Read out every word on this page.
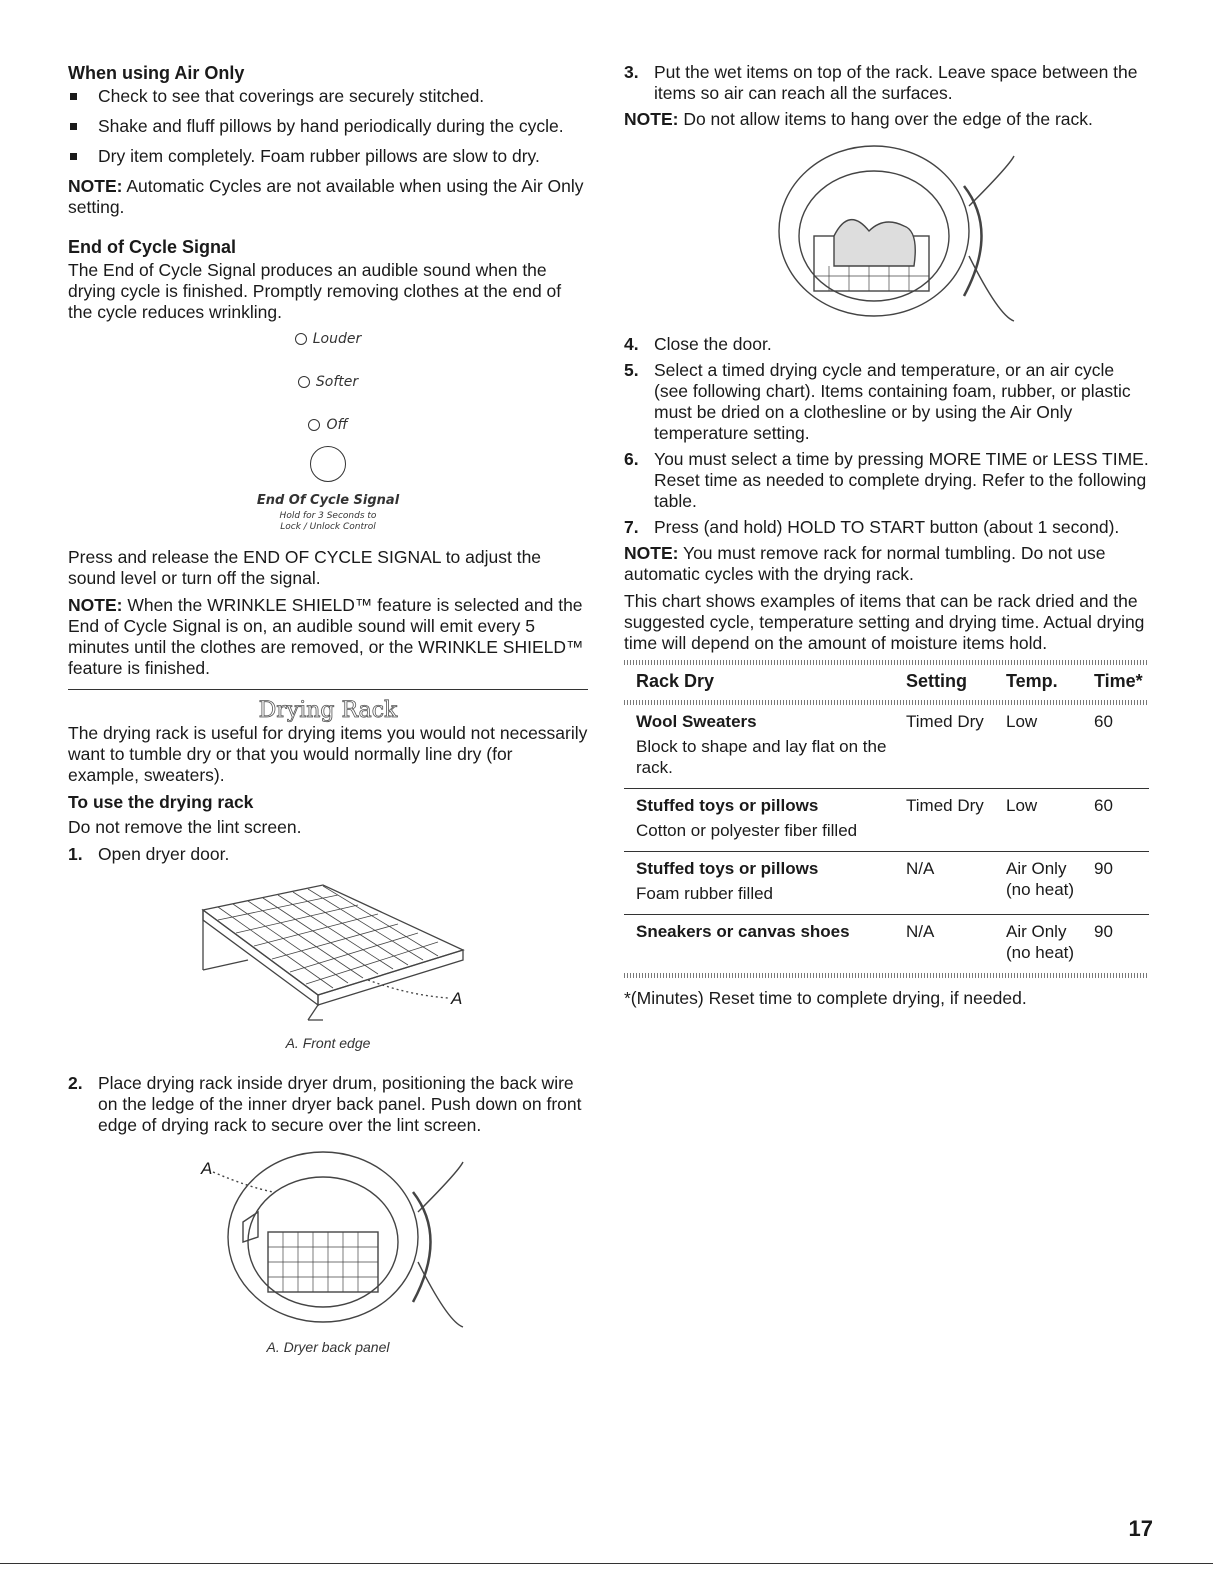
When using Air Only
Check to see that coverings are securely stitched.
Shake and fluff pillows by hand periodically during the cycle.
Dry item completely. Foam rubber pillows are slow to dry.

NOTE: Automatic Cycles are not available when using the Air Only setting.

End of Cycle Signal

The End of Cycle Signal produces an audible sound when the drying cycle is finished. Promptly removing clothes at the end of the cycle reduces wrinkling.

Louder
Softer
Off
End Of Cycle Signal
Hold for 3 Seconds to
Lock / Unlock Control

Press and release the END OF CYCLE SIGNAL to adjust the sound level or turn off the signal.

NOTE: When the WRINKLE SHIELD™ feature is selected and the End of Cycle Signal is on, an audible sound will emit every 5 minutes until the clothes are removed, or the WRINKLE SHIELD™ feature is finished.

Drying Rack

The drying rack is useful for drying items you would not necessarily want to tumble dry or that you would normally line dry (for example, sweaters).

To use the drying rack

Do not remove the lint screen.

1. Open dryer door.
A
A. Front edge
2. Place drying rack inside dryer drum, positioning the back wire on the ledge of the inner dryer back panel. Push down on front edge of drying rack to secure over the lint screen.
A
A. Dryer back panel
3. Put the wet items on top of the rack. Leave space between the items so air can reach all the surfaces.

NOTE: Do not allow items to hang over the edge of the rack.

4. Close the door.
5. Select a timed drying cycle and temperature, or an air cycle (see following chart). Items containing foam, rubber, or plastic must be dried on a clothesline or by using the Air Only temperature setting.
6. You must select a time by pressing MORE TIME or LESS TIME. Reset time as needed to complete drying. Refer to the following table.
7. Press (and hold) HOLD TO START button (about 1 second).

NOTE: You must remove rack for normal tumbling. Do not use automatic cycles with the drying rack.

This chart shows examples of items that can be rack dried and the suggested cycle, temperature setting and drying time. Actual drying time will depend on the amount of moisture items hold.

Rack Dry	Setting	Temp.	Time*

Wool Sweaters
Block to shape and lay flat on the rack.	Timed Dry	Low	60

Stuffed toys or pillows
Cotton or polyester fiber filled	Timed Dry	Low	60

Stuffed toys or pillows
Foam rubber filled	N/A	Air Only (no heat)	90

Sneakers or canvas shoes	N/A	Air Only (no heat)	90

*(Minutes) Reset time to complete drying, if needed.

17
